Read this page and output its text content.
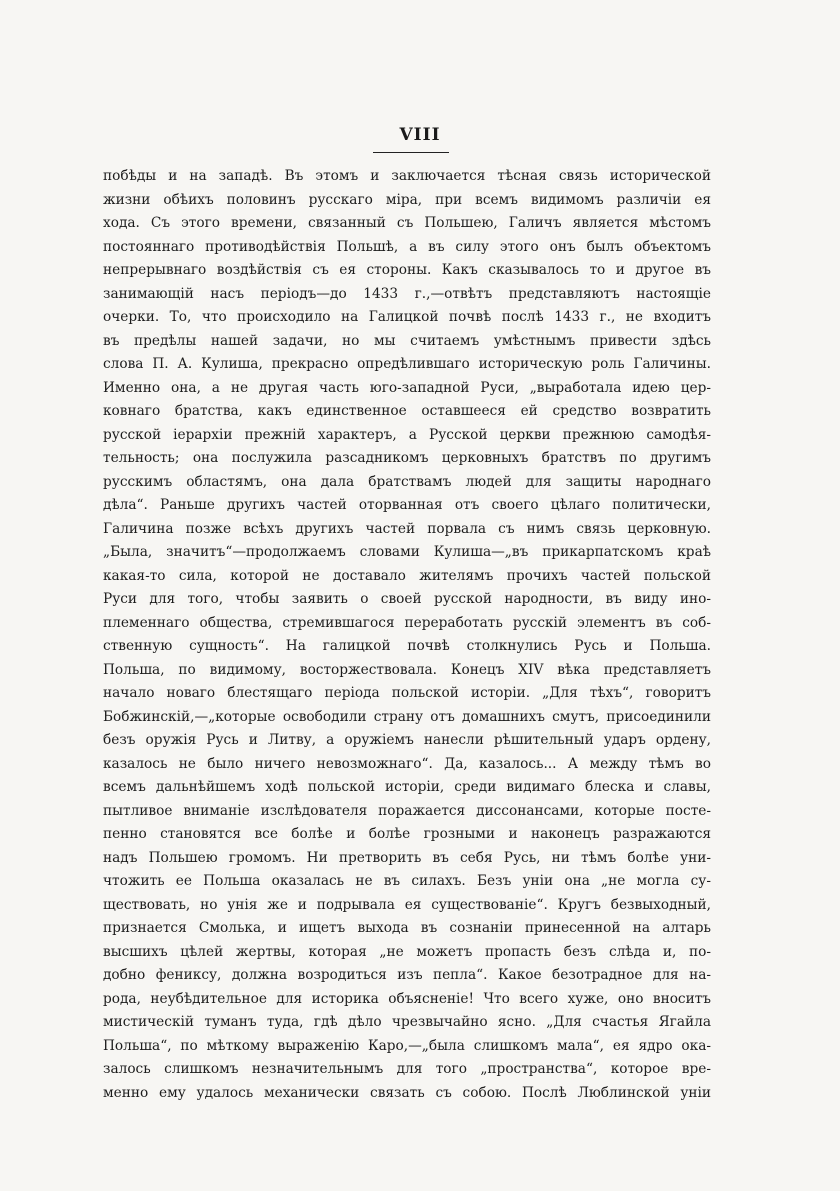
VIII
побѣды и на западѣ. Въ этомъ и заключается тѣсная связь исторической
жизни обѣихъ половинъ русскаго міра, при всемъ видимомъ различіи ея
хода. Съ этого времени, связанный съ Польшею, Галичъ является мѣстомъ
постояннаго противодѣйствія Польшѣ, а въ силу этого онъ былъ объектомъ
непрерывнаго воздѣйствія съ ея стороны. Какъ сказывалось то и другое въ
занимающій насъ періодъ—до 1433 г.,—отвѣтъ представляютъ настоящіе
очерки. То, что происходило на Галицкой почвѣ послѣ 1433 г., не входитъ
въ предѣлы нашей задачи, но мы считаемъ умѣстнымъ привести здѣсь
слова П. А. Кулиша, прекрасно опредѣлившаго историческую роль Галичины.
Именно она, а не другая часть юго-западной Руси, „выработала идею цер-
ковнаго братства, какъ единственное оставшееся ей средство возвратить
русской іерархіи прежній характеръ, а Русской церкви прежнюю самодѣя-
тельность; она послужила разсадникомъ церковныхъ братствъ по другимъ
русскимъ областямъ, она дала братствамъ людей для защиты народнаго
дѣла“. Раньше другихъ частей оторванная отъ своего цѣлаго политически,
Галичина позже всѣхъ другихъ частей порвала съ нимъ связь церковную.
„Была, значитъ“—продолжаемъ словами Кулиша—„въ прикарпатскомъ краѣ
какая-то сила, которой не доставало жителямъ прочихъ частей польской
Руси для того, чтобы заявить о своей русской народности, въ виду ино-
племеннаго общества, стремившагося переработать русскій элементъ въ соб-
ственную сущность“. На галицкой почвѣ столкнулись Русь и Польша.
Польша, по видимому, восторжествовала. Конецъ XIV вѣка представляетъ
начало новаго блестящаго періода польской исторіи. „Для тѣхъ“, говоритъ
Бобжинскій,—„которые освободили страну отъ домашнихъ смутъ, присоединили
безъ оружія Русь и Литву, а оружіемъ нанесли рѣшительный ударъ ордену,
казалось не было ничего невозможнаго“. Да, казалось... А между тѣмъ во
всемъ дальнѣйшемъ ходѣ польской исторіи, среди видимаго блеска и славы,
пытливое вниманіе изслѣдователя поражается диссонансами, которые посте-
пенно становятся все болѣе и болѣе грозными и наконецъ разражаются
надъ Польшею громомъ. Ни претворить въ себя Русь, ни тѣмъ болѣе уни-
чтожить ее Польша оказалась не въ силахъ. Безъ уніи она „не могла су-
ществовать, но унія же и подрывала ея существованіе“. Кругъ безвыходный,
признается Смолька, и ищетъ выхода въ сознаніи принесенной на алтарь
высшихъ цѣлей жертвы, которая „не можетъ пропасть безъ слѣда и, по-
добно фениксу, должна возродиться изъ пепла“. Какое безотрадное для на-
рода, неубѣдительное для историка объясненіе! Что всего хуже, оно вноситъ
мистическій туманъ туда, гдѣ дѣло чрезвычайно ясно. „Для счастья Ягайла
Польша“, по мѣткому выраженію Каро,—„была слишкомъ мала“, ея ядро ока-
залось слишкомъ незначительнымъ для того „пространства“, которое вре-
менно ему удалось механически связать съ собою. Послѣ Люблинской уніи
